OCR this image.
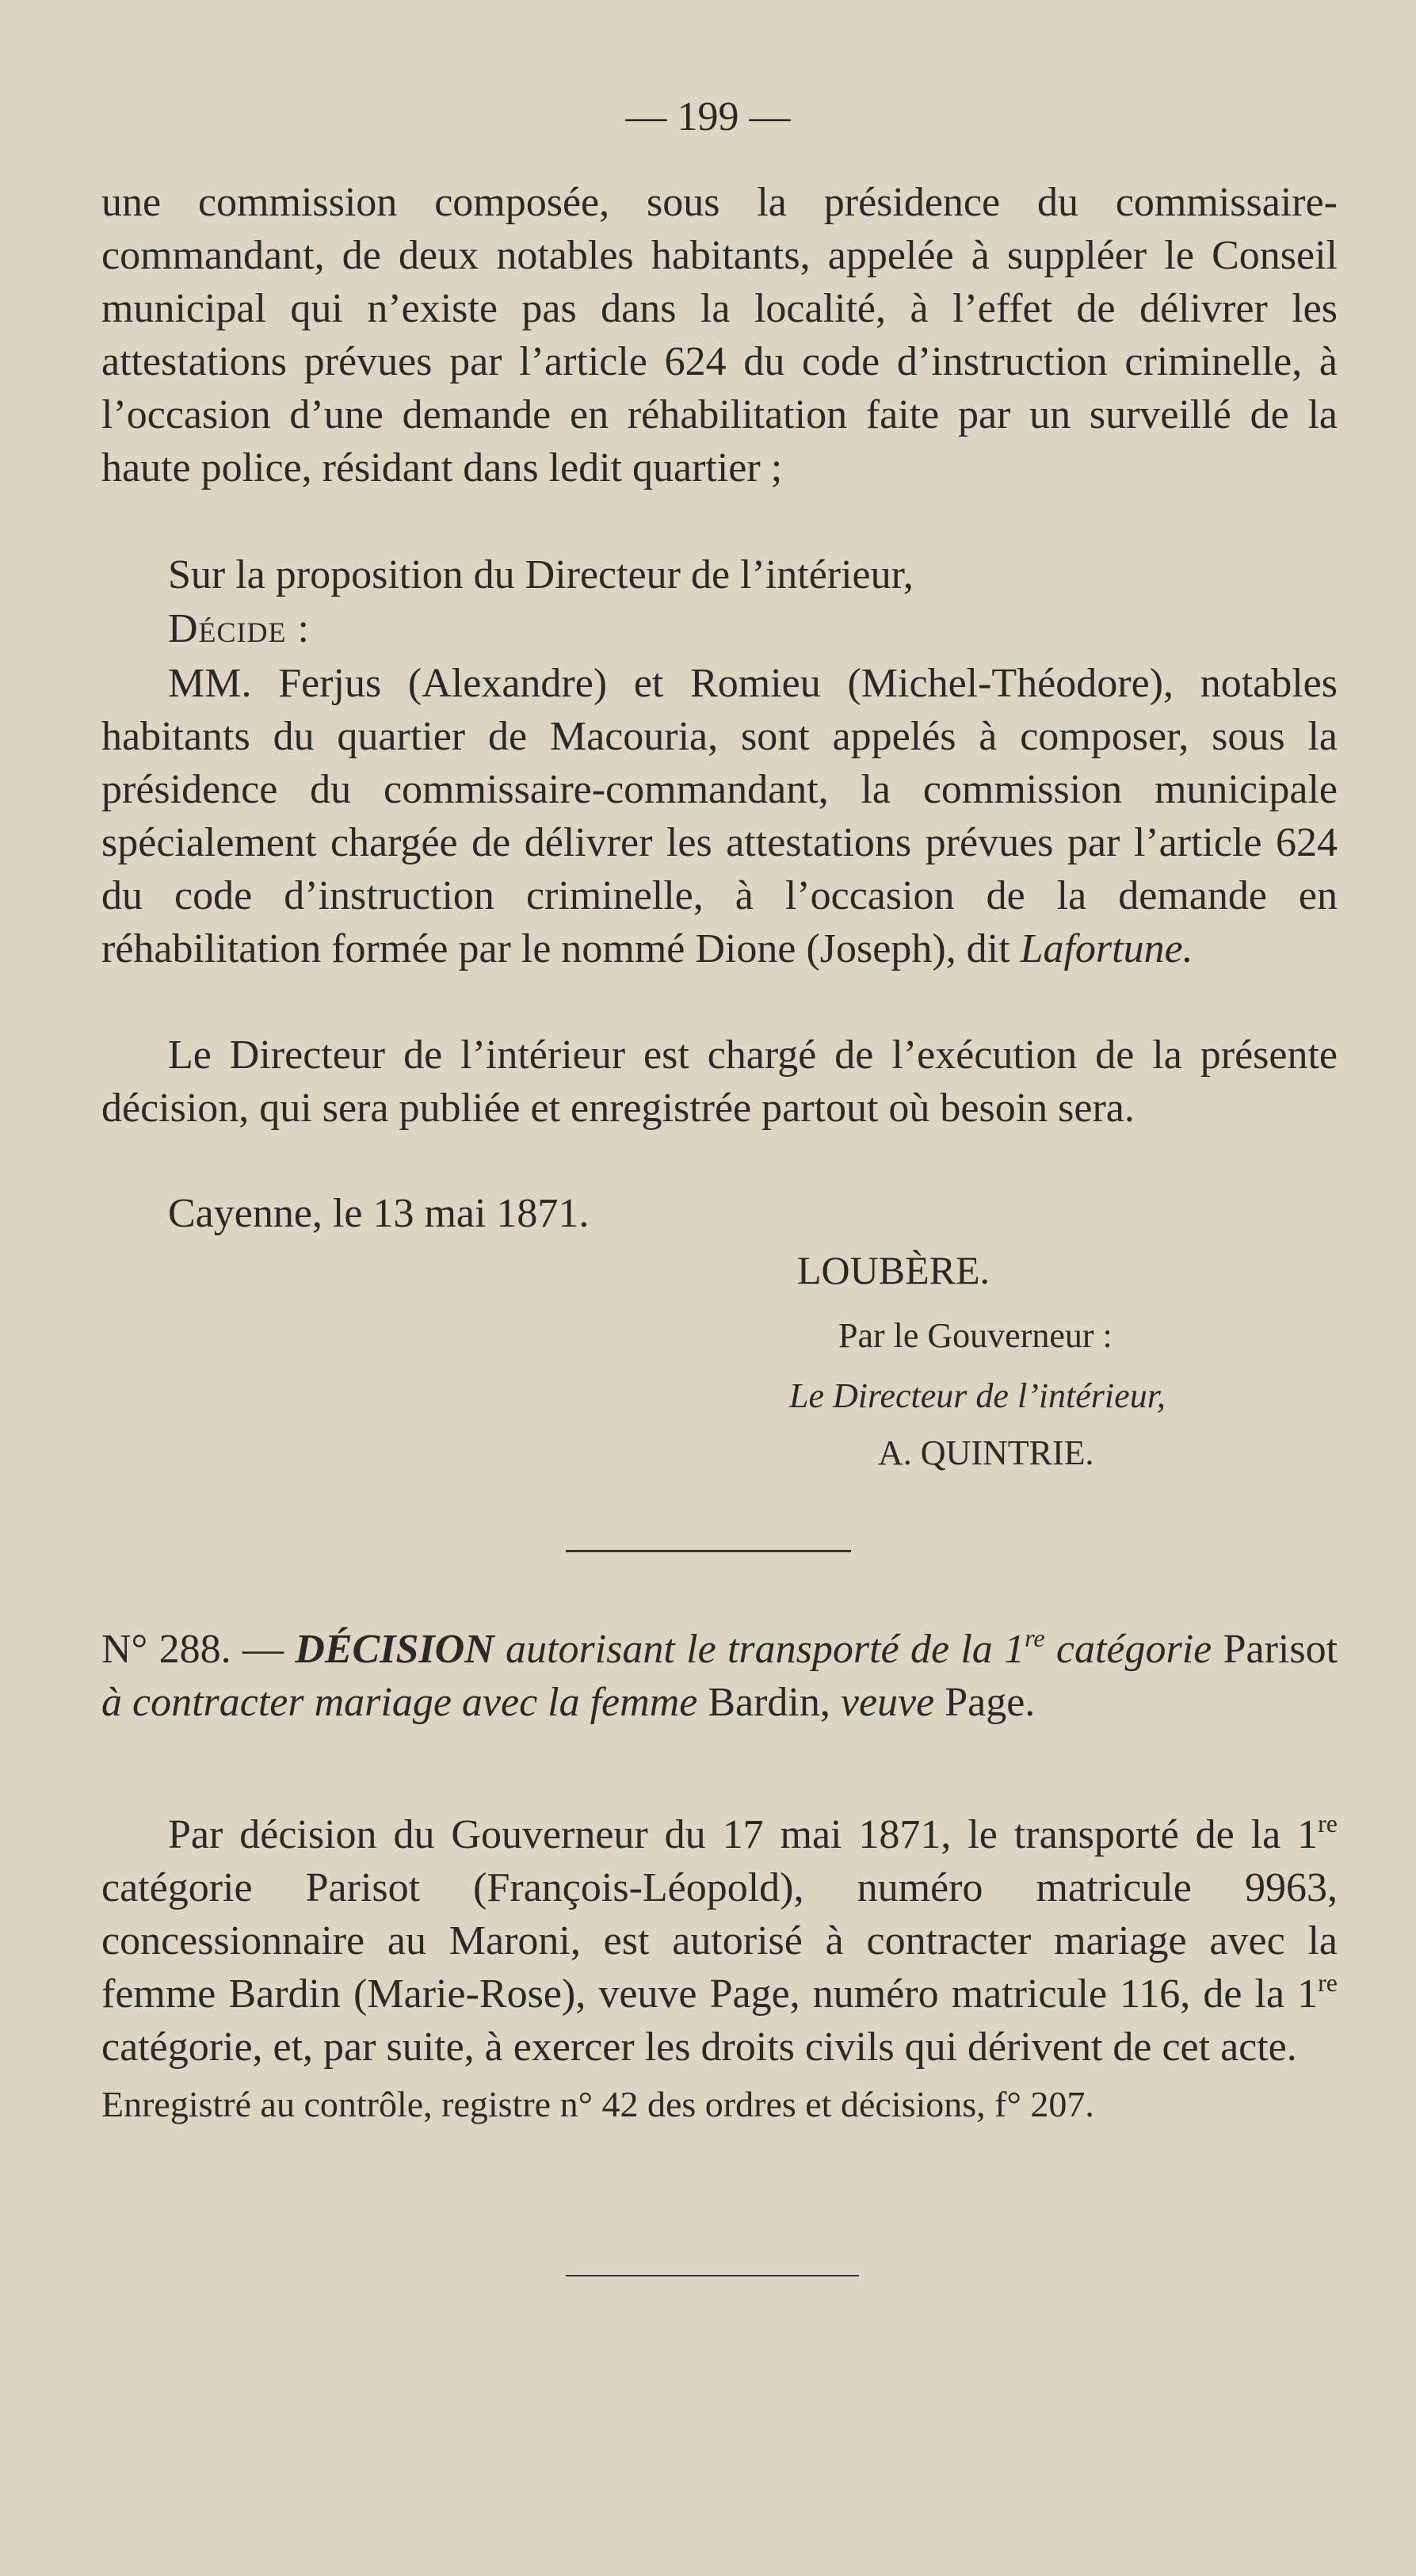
— 199 —

une commission composée, sous la présidence du commissaire-commandant, de deux notables habitants, appelée à suppléer le Conseil municipal qui n’existe pas dans la localité, à l’effet de délivrer les attestations prévues par l’article 624 du code d’instruction criminelle, à l’occasion d’une demande en réhabilitation faite par un surveillé de la haute police, résidant dans ledit quartier ;

Sur la proposition du Directeur de l’intérieur,

Décide :

MM. Ferjus (Alexandre) et Romieu (Michel-Théodore), notables habitants du quartier de Macouria, sont appelés à composer, sous la présidence du commissaire-commandant, la commission municipale spécialement chargée de délivrer les attestations prévues par l’article 624 du code d’instruction criminelle, à l’occasion de la demande en réhabilitation formée par le nommé Dione (Joseph), dit Lafortune.

Le Directeur de l’intérieur est chargé de l’exécution de la présente décision, qui sera publiée et enregistrée partout où besoin sera.

Cayenne, le 13 mai 1871.

LOUBÈRE.
Par le Gouverneur :
Le Directeur de l’intérieur,
A. QUINTRIE.

N° 288. — DÉCISION autorisant le transporté de la 1re catégorie Parisot à contracter mariage avec la femme Bardin, veuve Page.

Par décision du Gouverneur du 17 mai 1871, le transporté de la 1re catégorie Parisot (François-Léopold), numéro matricule 9963, concessionnaire au Maroni, est autorisé à contracter mariage avec la femme Bardin (Marie-Rose), veuve Page, numéro matricule 116, de la 1re catégorie, et, par suite, à exercer les droits civils qui dérivent de cet acte.

Enregistré au contrôle, registre n° 42 des ordres et décisions, f° 207.
